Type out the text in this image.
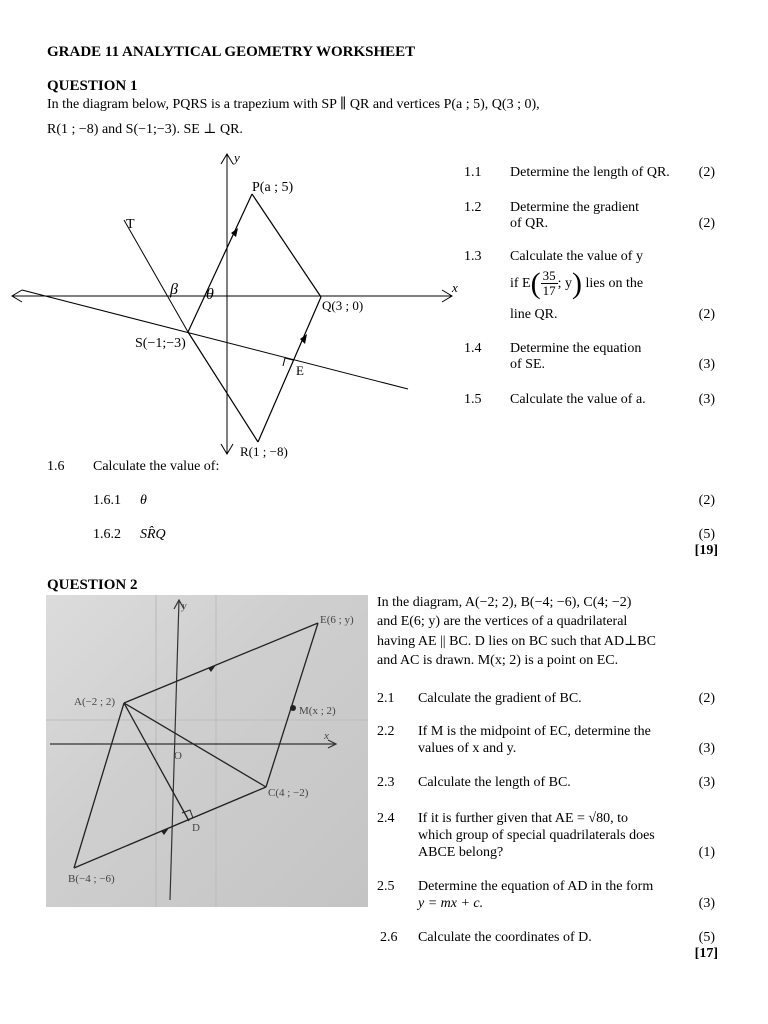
GRADE 11 ANALYTICAL GEOMETRY WORKSHEET
QUESTION 1
In the diagram below, PQRS is a trapezium with SP ∥ QR and vertices P(a ; 5), Q(3 ; 0),
R(1 ; −8) and S(−1;−3). SE ⊥ QR.
y
x
P(a ; 5)
Q(3 ; 0)
R(1 ; −8)
S(−1;−3)
T
E
β θ
1.1 Determine the length of QR.	(2)
1.2 Determine the gradient
of QR.	(2)
1.3 Calculate the value of y
if $E( \frac{35}{17}$ ; y) lies on the
line QR.	(2)
1.4 Determine the equation
of SE.	(3)
1.5 Calculate the value of a.	(3)
1.6 Calculate the value of:
1.6.1 θ	(2)
1.6.2 SR̂Q	(5)
[19]
QUESTION 2
y
x
O
A(−2 ; 2)
B(−4 ; −6)
C(4 ; −2)
D
E(6 ; y)
M(x ; 2)
In the diagram, A(−2; 2), B(−4; −6), C(4; −2)
and E(6; y) are the vertices of a quadrilateral
having AE || BC. D lies on BC such that AD⊥BC
and AC is drawn. M(x; 2) is a point on EC.
2.1 Calculate the gradient of BC.	(2)
2.2 If M is the midpoint of EC, determine the
values of x and y.	(3)
2.3 Calculate the length of BC.	(3)
2.4 If it is further given that AE = √80, to
which group of special quadrilaterals does
ABCE belong?	(1)
2.5 Determine the equation of AD in the form
y = mx + c.	(3)
2.6 Calculate the coordinates of D.	(5)
[17]
